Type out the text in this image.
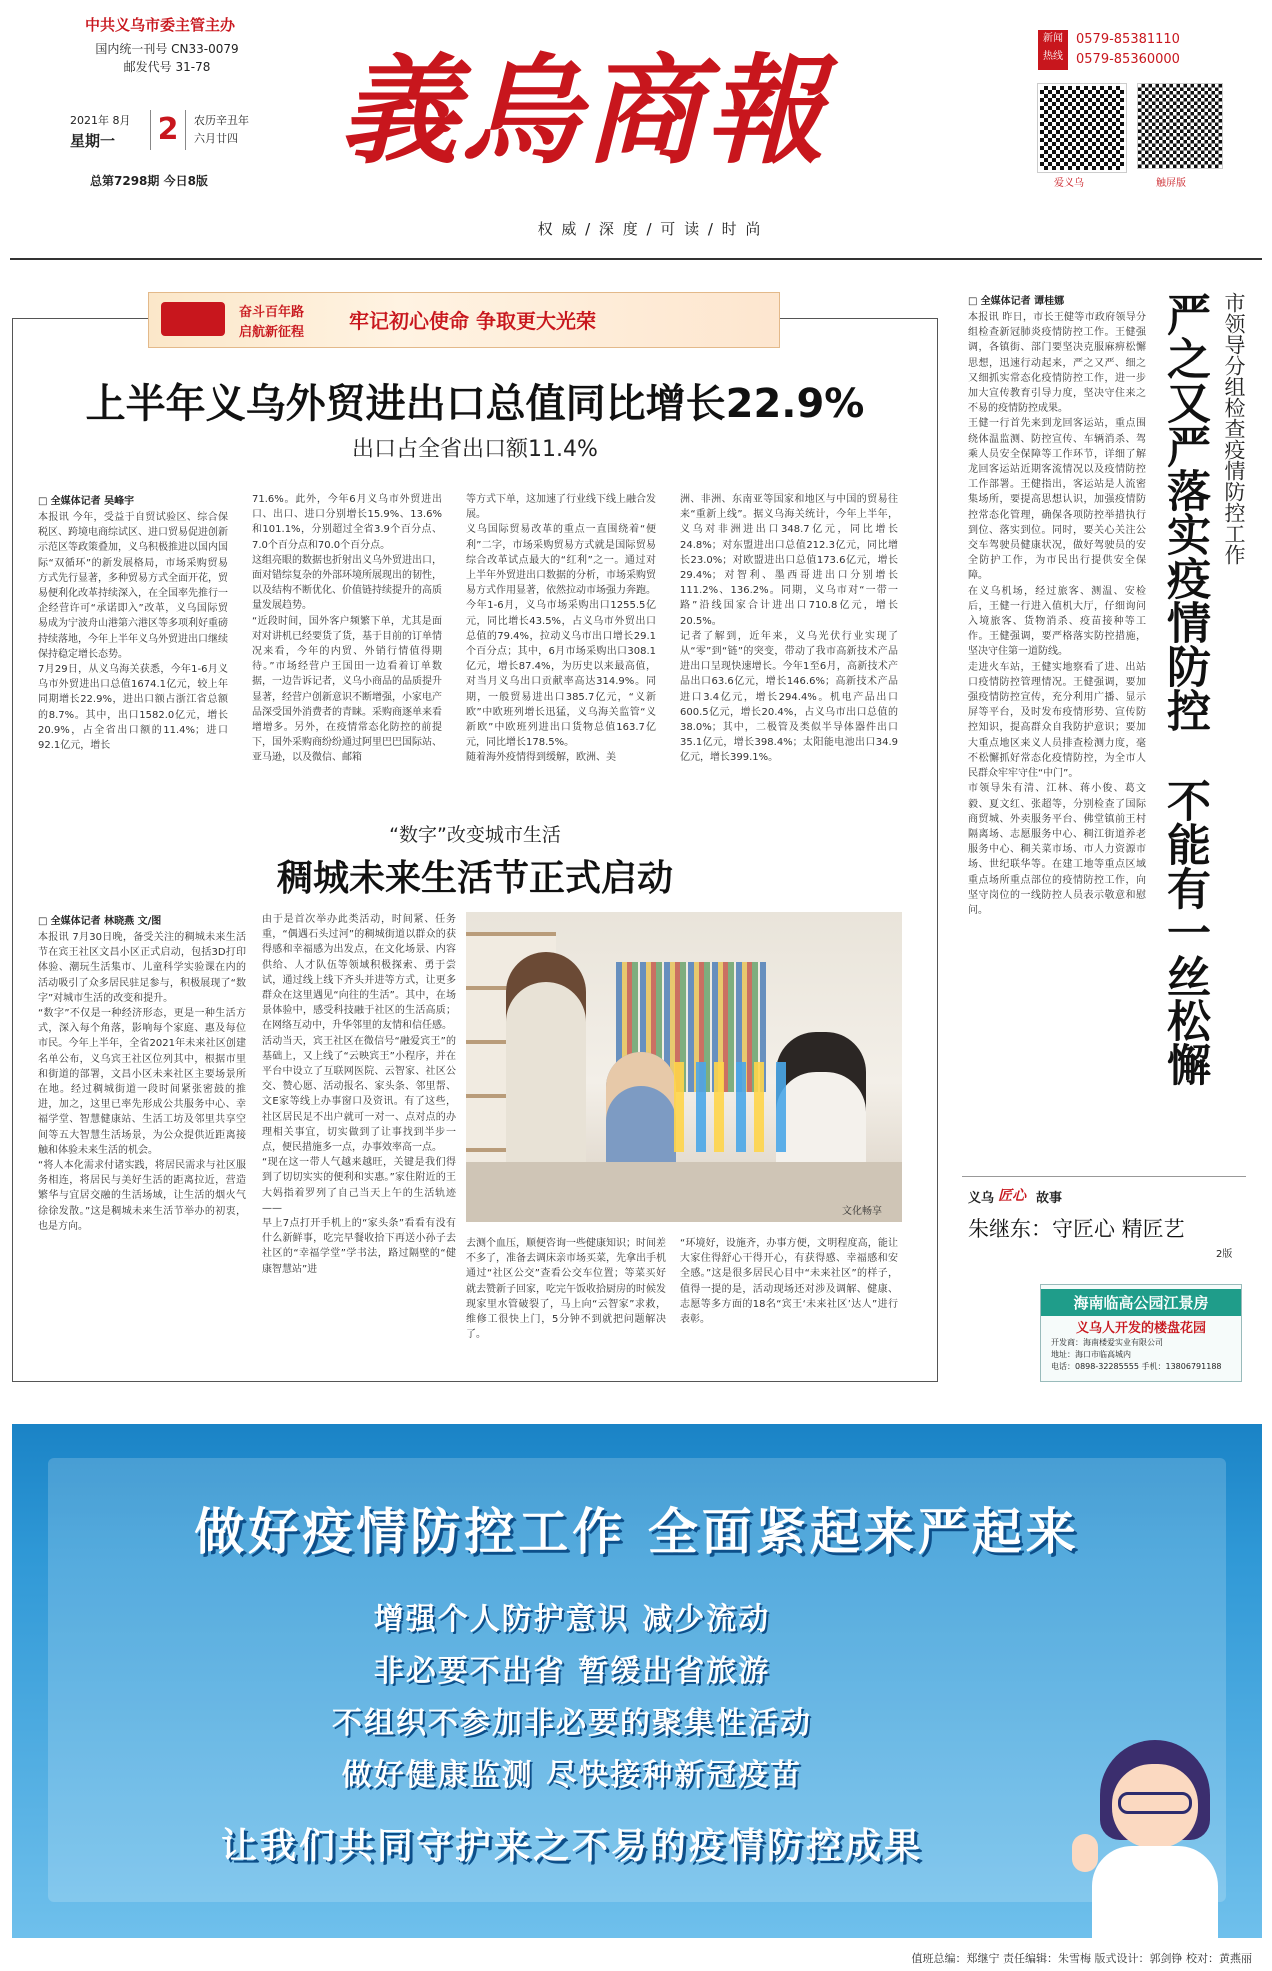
中共义乌市委主管主办
国内统一刊号 CN33-0079
邮发代号 31-78
2021年 8月
星期一 2	农历辛丑年
六月廿四
总第7298期 今日8版
義烏商報
新闻
热线
0579-85381110
0579-85360000
爱义乌	触屏版
权 威 / 深 度 / 可 读 / 时 尚
奋斗百年路
启航新征程 牢记初心使命 争取更大光荣
上半年义乌外贸进出口总值同比增长22.9%
出口占全省出口额11.4%
□ 全媒体记者 吴峰宇
本报讯 今年，受益于自贸试验区、综合保税区、跨境电商综试区、进口贸易促进创新示范区等政策叠加，义乌积极推进以国内国际“双循环”的新发展格局，市场采购贸易方式先行显著，多种贸易方式全面开花，贸易便利化改革持续深入，在全国率先推行一企经营许可“承诺即入”改革，义乌国际贸易成为宁波舟山港第六港区等多项利好重磅持续落地，今年上半年义乌外贸进出口继续保持稳定增长态势。
7月29日，从义乌海关获悉，今年1-6月义乌市外贸进出口总值1674.1亿元，较上年同期增长22.9%，进出口额占浙江省总额的8.7%。其中，出口1582.0亿元，增长20.9%，占全省出口额的11.4%；进口92.1亿元，增长
71.6%。此外，今年6月义乌市外贸进出口、出口、进口分别增长15.9%、13.6%和101.1%，分别超过全省3.9个百分点、7.0个百分点和70.0个百分点。
这组亮眼的数据也折射出义乌外贸进出口，面对错综复杂的外部环境所展现出的韧性，以及结构不断优化、价值链持续提升的高质量发展趋势。
“近段时间，国外客户频繁下单，尤其是面对对讲机已经要货了货，基于目前的订单情况来看，今年的内贸、外销行情值得期待。”市场经营户王国田一边看着订单数据，一边告诉记者，义乌小商品的品质提升显著，经营户创新意识不断增强，小家电产品深受国外消费者的青睐。采购商逐单来看增增多。另外，在疫情常态化防控的前提下，国外采购商纷纷通过阿里巴巴国际站、亚马逊，以及微信、邮箱
等方式下单，这加速了行业线下线上融合发展。
义乌国际贸易改革的重点一直围绕着“便利”二字，市场采购贸易方式就是国际贸易综合改革试点最大的“红利”之一。通过对上半年外贸进出口数据的分析，市场采购贸易方式作用显著，依然拉动市场强力奔跑。今年1-6月，义乌市场采购出口1255.5亿元，同比增长43.5%，占义乌市外贸出口总值的79.4%，拉动义乌市出口增长29.1个百分点；其中，6月市场采购出口308.1亿元，增长87.4%，为历史以来最高值，对当月义乌出口贡献率高达314.9%。同期，一般贸易进出口385.7亿元，“义新欧”中欧班列增长迅猛，义乌海关监管“义新欧”中欧班列进出口货物总值163.7亿元，同比增长178.5%。
随着海外疫情得到缓解，欧洲、美
洲、非洲、东南亚等国家和地区与中国的贸易往来“重新上线”。据义乌海关统计，今年上半年，义乌对非洲进出口348.7亿元，同比增长24.8%；对东盟进出口总值212.3亿元，同比增长23.0%；对欧盟进出口总值173.6亿元，增长29.4%；对智利、墨西哥进出口分别增长111.2%、136.2%。同期，义乌市对“一带一路”沿线国家合计进出口710.8亿元，增长20.5%。
记者了解到，近年来，义乌光伏行业实现了从“零”到“链”的突变，带动了我市高新技术产品进出口呈现快速增长。今年1至6月，高新技术产品出口63.6亿元，增长146.6%；高新技术产品进口3.4亿元，增长294.4%。机电产品出口600.5亿元，增长20.4%，占义乌市出口总值的38.0%；其中，二极管及类似半导体器件出口35.1亿元，增长398.4%；太阳能电池出口34.9亿元，增长399.1%。
“数字”改变城市生活
稠城未来生活节正式启动
□ 全媒体记者 林晓燕 文/图
本报讯 7月30日晚，备受关注的稠城未来生活节在宾王社区文昌小区正式启动，包括3D打印体验、潮玩生活集市、儿童科学实验课在内的活动吸引了众多居民驻足参与，积极展现了“数字”对城市生活的改变和提升。
“数字”不仅是一种经济形态，更是一种生活方式，深入每个角落，影响每个家庭、惠及每位市民。今年上半年，全省2021年未来社区创建名单公布，义乌宾王社区位列其中，根据市里和街道的部署，文昌小区未来社区主要场景所在地。经过稠城街道一段时间紧张密鼓的推进，加之，这里已率先形成公共服务中心、幸福学堂、智慧健康站、生活工坊及邻里共享空间等五大智慧生活场景，为公众提供近距离接触和体验未来生活的机会。
“将人本化需求付诸实践，将居民需求与社区服务相连，将居民与美好生活的距离拉近，营造繁华与宜居交融的生活场域，让生活的烟火气徐徐发散。”这是稠城未来生活节举办的初衷，也是方向。
由于是首次举办此类活动，时间紧、任务重，“偶遇石头过河”的稠城街道以群众的获得感和幸福感为出发点，在文化场景、内容供给、人才队伍等领域积极探索、勇于尝试，通过线上线下齐头并进等方式，让更多群众在这里遇见“向往的生活”。其中，在场景体验中，感受科技融于社区的生活高质；在网络互动中，升华邻里的友情和信任感。
活动当天，宾王社区在微信号“融爱宾王”的基础上，又上线了“云映宾王”小程序，并在平台中设立了互联网医院、云智家、社区公交、赞心愿、活动报名、家头条、邻里帮、文E家等线上办事窗口及资讯。有了这些，社区居民足不出户就可一对一、点对点的办理相关事宜，切实做到了让事找到半步一点，便民措施多一点，办事效率高一点。
“现在这一带人气越来越旺，关键是我们得到了切切实实的便利和实惠。”家住附近的王大妈指着罗列了自己当天上午的生活轨迹——
早上7点打开手机上的“家头条”看看有没有什么新鲜事，吃完早餐收拾下再送小孙子去社区的“幸福学堂”学书法，路过隔壁的“健康智慧站”进
文化畅享
去测个血压，顺便咨询一些健康知识；时间差不多了，准备去调床亲市场买菜，先拿出手机通过“社区公交”查看公交车位置；等菜买好就去赞新子回家，吃完午饭收拾厨房的时候发现家里水管破裂了，马上向“云智家”求救，维修工很快上门，5分钟不到就把问题解决了。
“环境好，设施齐，办事方便，文明程度高，能让大家住得舒心干得开心，有获得感、幸福感和安全感。”这是很多居民心目中“未来社区”的样子，值得一提的是，活动现场还对涉及调解、健康、志愿等多方面的18名“宾王‘未来社区’达人”进行表彰。
□ 全媒体记者 谭桂娜	市领导分组检查疫情防控工作
严之又严落实疫情防控
不能有一丝松懈
本报讯 昨日，市长王健等市政府领导分组检查新冠肺炎疫情防控工作。王健强调，各镇街、部门要坚决克服麻痹松懈思想，迅速行动起来，严之又严、细之又细抓实常态化疫情防控工作，进一步加大宣传教育引导力度，坚决守住来之不易的疫情防控成果。
王健一行首先来到龙回客运站，重点围绕体温监测、防控宣传、车辆消杀、驾乘人员安全保障等工作环节，详细了解龙回客运站近期客流情况以及疫情防控工作部署。王健指出，客运站是人流密集场所，要提高思想认识，加强疫情防控常态化管理，确保各项防控举措执行到位、落实到位。同时，要关心关注公交车驾驶员健康状况，做好驾驶员的安全防护工作，为市民出行提供安全保障。
在义乌机场，经过旅客、测温、安检后，王健一行进入值机大厅，仔细询问入境旅客、货物消杀、疫苗接种等工作。王健强调，要严格落实防控措施，坚决守住第一道防线。
走进火车站，王健实地察看了进、出站口疫情防控管理情况。王健强调，要加强疫情防控宣传，充分利用广播、显示屏等平台，及时发布疫情形势、宣传防控知识，提高群众自我防护意识；要加大重点地区来义人员排查检测力度，毫不松懈抓好常态化疫情防控，为全市人民群众牢牢守住“中门”。
市领导朱有清、江林、蒋小俊、葛文毅、夏文红、张超等，分别检查了国际商贸城、外卖服务平台、佛堂镇前王村隔离场、志愿服务中心、稠江街道养老服务中心、稠关菜市场、市人力资源市场、世纪联华等。在建工地等重点区域重点场所重点部位的疫情防控工作，向坚守岗位的一线防控人员表示敬意和慰问。
义乌 匠心 故事
朱继东：守匠心 精匠艺
2版
海南临高公园江景房
义乌人开发的楼盘花园
开发商：海南楼爱实业有限公司
地址：海口市临高城内
电话：0898-32285555 手机：13806791188
做好疫情防控工作 全面紧起来严起来
增强个人防护意识 减少流动
非必要不出省 暂缓出省旅游
不组织不参加非必要的聚集性活动
做好健康监测 尽快接种新冠疫苗
让我们共同守护来之不易的疫情防控成果
值班总编：郑继宁 责任编辑：朱雪梅 版式设计：郭剑铮 校对：黄燕丽
